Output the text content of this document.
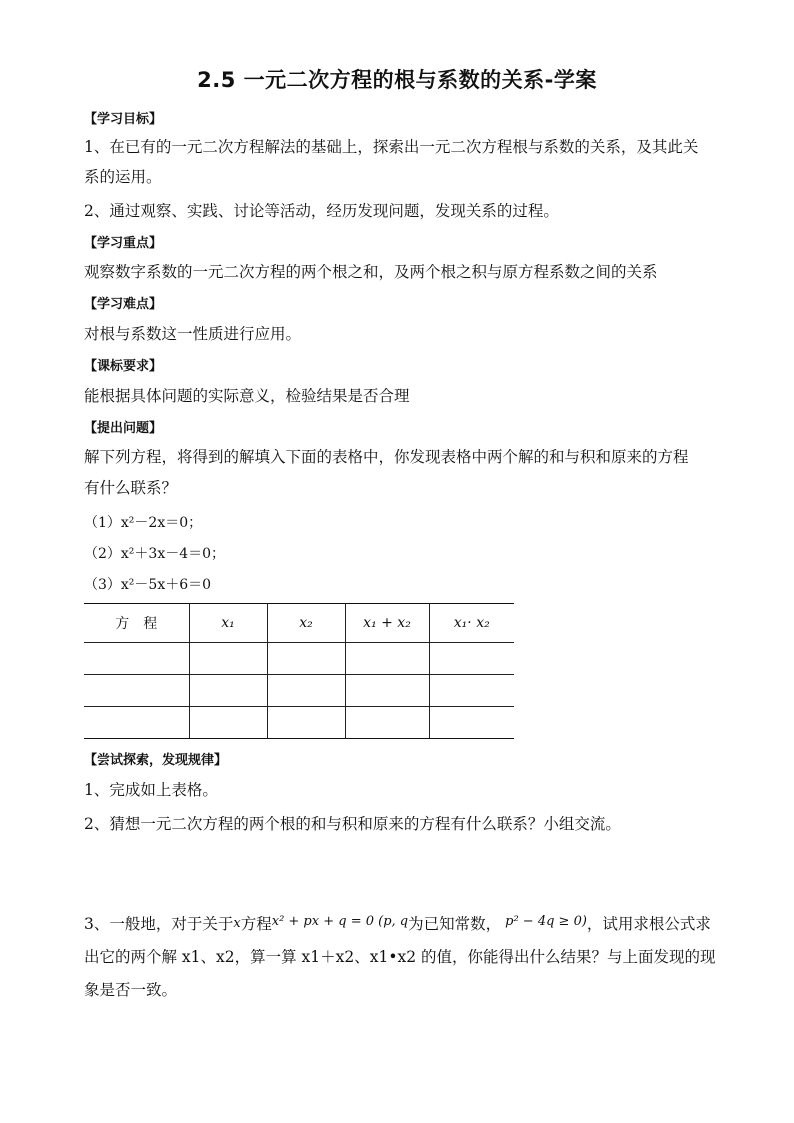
2.5 一元二次方程的根与系数的关系-学案
【学习目标】
1、在已有的一元二次方程解法的基础上，探索出一元二次方程根与系数的关系，及其此关
系的运用。
2、通过观察、实践、讨论等活动，经历发现问题，发现关系的过程。
【学习重点】
观察数字系数的一元二次方程的两个根之和，及两个根之积与原方程系数之间的关系
【学习难点】
对根与系数这一性质进行应用。
【课标要求】
能根据具体问题的实际意义，检验结果是否合理
【提出问题】
解下列方程，将得到的解填入下面的表格中，你发现表格中两个解的和与积和原来的方程
有什么联系？
（1）x²－2x＝0；
（2）x²＋3x－4＝0；
（3）x²－5x＋6＝0
方　程	x₁	x₂	x₁ + x₂	x₁· x₂

【尝试探索，发现规律】
1、完成如上表格。
2、猜想一元二次方程的两个根的和与积和原来的方程有什么联系？小组交流。
3、一般地，对于关于x方程$^{x^2 + px + q = 0 (p, q}$为已知常数， $^{p^2 - 4q \ge 0)}$，试用求根公式求
出它的两个解 x1、x2，算一算 x1＋x2、x1•x2 的值，你能得出什么结果？与上面发现的现
象是否一致。
